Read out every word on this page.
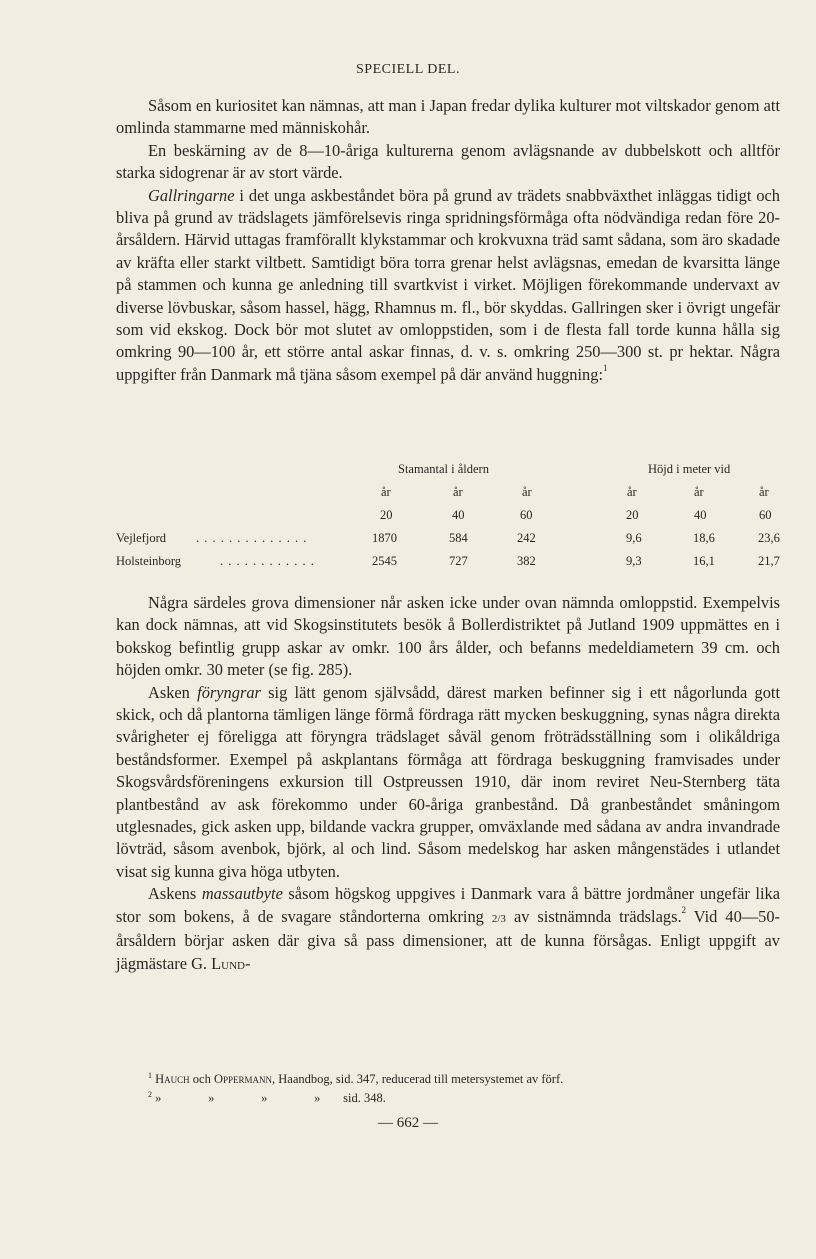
SPECIELL DEL.

Såsom en kuriositet kan nämnas, att man i Japan fredar dylika kulturer mot viltskador genom att omlinda stammarne med människohår.

En beskärning av de 8—10-åriga kulturerna genom avlägsnande av dubbelskott och alltför starka sidogrenar är av stort värde.

Gallringarne i det unga askbeståndet böra på grund av trädets snabbväxthet inläggas tidigt och bliva på grund av trädslagets jämförelsevis ringa spridningsförmåga ofta nödvändiga redan före 20-årsåldern. Härvid uttagas framförallt klykstammar och krokvuxna träd samt sådana, som äro skadade av kräfta eller starkt viltbett. Samtidigt böra torra grenar helst avlägsnas, emedan de kvarsitta länge på stammen och kunna ge anledning till svartkvist i virket. Möjligen förekommande undervaxt av diverse lövbuskar, såsom hassel, hägg, Rhamnus m. fl., bör skyddas. Gallringen sker i övrigt ungefär som vid ekskog. Dock bör mot slutet av omloppstiden, som i de flesta fall torde kunna hålla sig omkring 90—100 år, ett större antal askar finnas, d. v. s. omkring 250—300 st. pr hektar. Några uppgifter från Danmark må tjäna såsom exempel på där använd huggning:$^1$

Stamantal i åldern	Höjd i meter vid
år	år	år	år	år	år
20	40	60	20	40	60
Vejlefjord . . . . . . . . . . . . . .	1870	584	242	9,6	18,6	23,6
Holsteinborg	. . . . . . . . . . . .	2545	727	382	9,3	16,1	21,7

Några särdeles grova dimensioner når asken icke under ovan nämnda omloppstid. Exempelvis kan dock nämnas, att vid Skogsinstitutets besök å Bollerdistriktet på Jutland 1909 uppmättes en i bokskog befintlig grupp askar av omkr. 100 års ålder, och befanns medeldiametern 39 cm. och höjden omkr. 30 meter (se fig. 285).

Asken föryngrar sig lätt genom självsådd, därest marken befinner sig i ett någorlunda gott skick, och då plantorna tämligen länge förmå fördraga rätt mycken beskuggning, synas några direkta svårigheter ej föreligga att föryngra trädslaget såväl genom fröträdsställning som i olikåldriga beståndsformer. Exempel på askplantans förmåga att fördraga beskuggning framvisades under Skogsvårdsföreningens exkursion till Ostpreussen 1910, där inom reviret Neu-Sternberg täta plantbestånd av ask förekommo under 60-åriga granbestånd. Då granbeståndet småningom utglesnades, gick asken upp, bildande vackra grupper, omväxlande med sådana av andra invandrade lövträd, såsom avenbok, björk, al och lind. Såsom medelskog har asken mångenstädes i utlandet visat sig kunna giva höga utbyten.

Askens massautbyte såsom högskog uppgives i Danmark vara å bättre jordmåner ungefär lika stor som bokens, å de svagare ståndorterna omkring 2/3 av sistnämnda trädslags.$^2$ Vid 40—50-årsåldern börjar asken där giva så pass dimensioner, att de kunna försågas. Enligt uppgift av jägmästare G. Lund-

$^1$ Hauch och Oppermann, Haandbog, sid. 347, reducerad till metersystemet av förf.
$^2$ »      »      »      » sid. 348.
— 662 —
